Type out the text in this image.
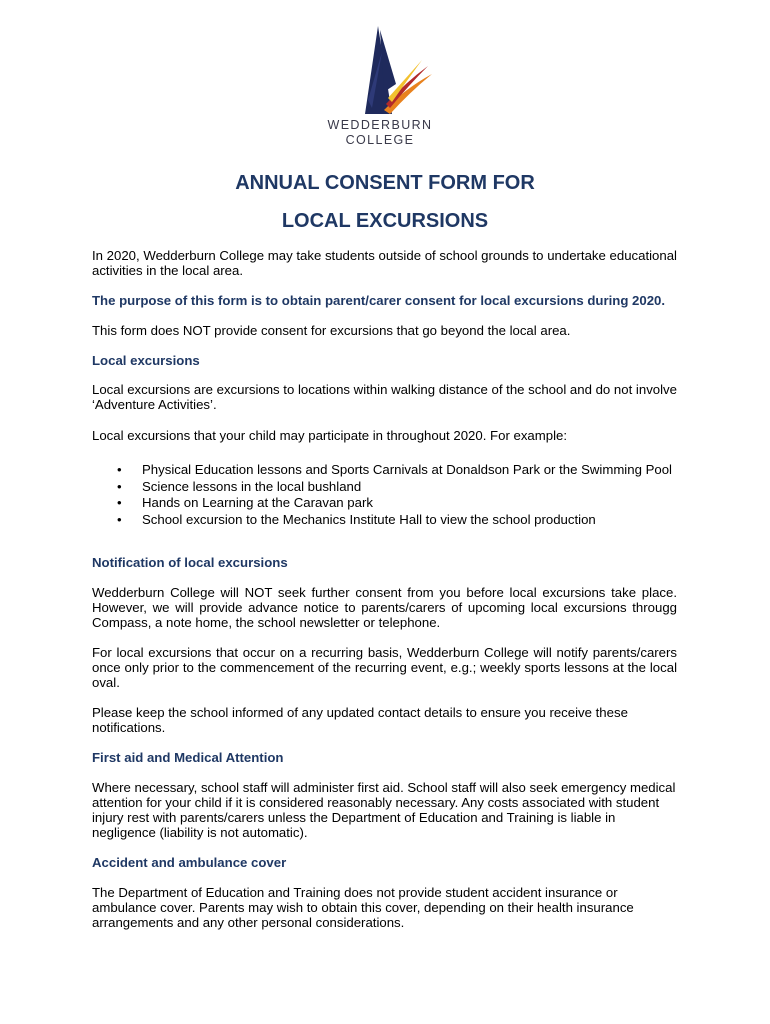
WEDDERBURN
COLLEGE
ANNUAL CONSENT FORM FOR
LOCAL EXCURSIONS

In 2020, Wedderburn College may take students outside of school grounds to undertake educational activities in the local area.

The purpose of this form is to obtain parent/carer consent for local excursions during 2020.

This form does NOT provide consent for excursions that go beyond the local area.

Local excursions

Local excursions are excursions to locations within walking distance of the school and do not involve ‘Adventure Activities’.

Local excursions that your child may participate in throughout 2020. For example:

• Physical Education lessons and Sports Carnivals at Donaldson Park or the Swimming Pool
• Science lessons in the local bushland
• Hands on Learning at the Caravan park
• School excursion to the Mechanics Institute Hall to view the school production

Notification of local excursions

Wedderburn College will NOT seek further consent from you before local excursions take place. However, we will provide advance notice to parents/carers of upcoming local excursions througg Compass, a note home, the school newsletter or telephone.

For local excursions that occur on a recurring basis, Wedderburn College will notify parents/carers once only prior to the commencement of the recurring event, e.g.; weekly sports lessons at the local oval.

Please keep the school informed of any updated contact details to ensure you receive these notifications.

First aid and Medical Attention

Where necessary, school staff will administer first aid. School staff will also seek emergency medical attention for your child if it is considered reasonably necessary. Any costs associated with student injury rest with parents/carers unless the Department of Education and Training is liable in negligence (liability is not automatic).

Accident and ambulance cover

The Department of Education and Training does not provide student accident insurance or ambulance cover. Parents may wish to obtain this cover, depending on their health insurance arrangements and any other personal considerations.
